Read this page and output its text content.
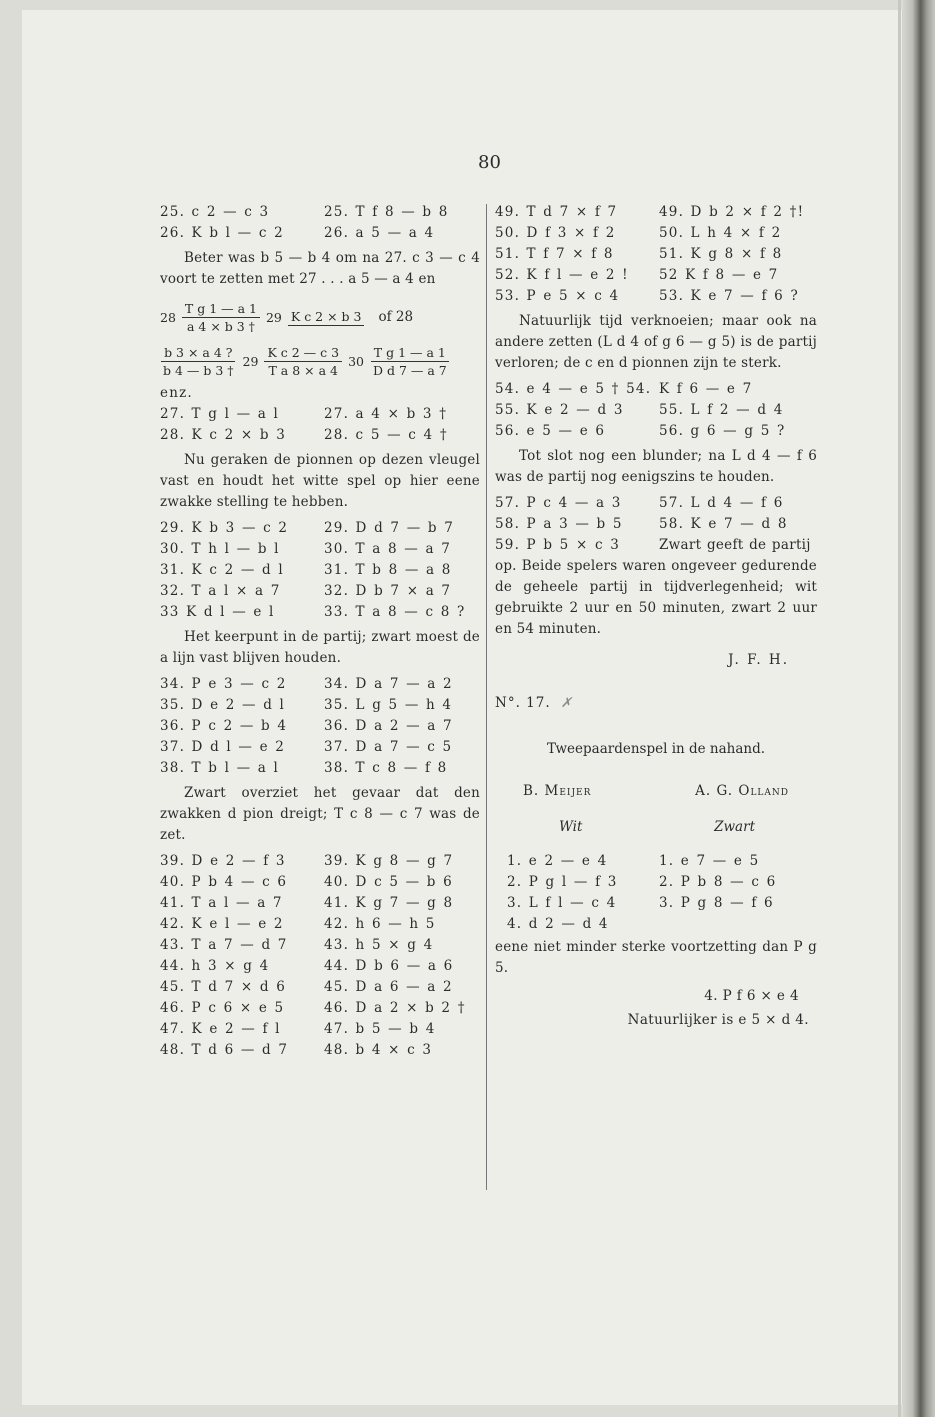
80
25. c 2 — c 3	25. T f 8 — b 8
26. K b l — c 2	26. a 5 — a 4
Beter was b 5 — b 4 om na 27. c 3 — c 4 voort te zetten met 27 . . . a 5 — a 4 en
$28 \frac{\text{T g 1 — a 1}}{a 4 \times b 3 \dagger} 29$ K c 2 × b 3 of 28
$\frac{b 3 \times a 4 ?}{b 4 — b 3 \dagger} 29 \frac{\text{K c 2 — c 3}}{\text{T a 8 × a 4}} 30 \frac{\text{T g 1 — a 1}}{\text{D d 7 — a 7}}$
enz.
27. T g l — a l	27. a 4 × b 3 †
28. K c 2 × b 3	28. c 5 — c 4 †
Nu geraken de pionnen op dezen vleugel vast en houdt het witte spel op hier eene zwakke stelling te hebben.
29. K b 3 — c 2	29. D d 7 — b 7
30. T h l — b l	30. T a 8 — a 7
31. K c 2 — d l	31. T b 8 — a 8
32. T a l × a 7	32. D b 7 × a 7
33 K d l — e l	33. T a 8 — c 8 ?
Het keerpunt in de partij; zwart moest de a lijn vast blijven houden.
34. P e 3 — c 2	34. D a 7 — a 2
35. D e 2 — d l	35. L g 5 — h 4
36. P c 2 — b 4	36. D a 2 — a 7
37. D d l — e 2	37. D a 7 — c 5
38. T b l — a l	38. T c 8 — f 8
Zwart overziet het gevaar dat den zwakken d pion dreigt; T c 8 — c 7 was de zet.
39. D e 2 — f 3	39. K g 8 — g 7
40. P b 4 — c 6	40. D c 5 — b 6
41. T a l — a 7	41. K g 7 — g 8
42. K e l — e 2	42. h 6 — h 5
43. T a 7 — d 7	43. h 5 × g 4
44. h 3 × g 4	44. D b 6 — a 6
45. T d 7 × d 6	45. D a 6 — a 2
46. P c 6 × e 5	46. D a 2 × b 2 †
47. K e 2 — f l	47. b 5 — b 4
48. T d 6 — d 7	48. b 4 × c 3
49. T d 7 × f 7	49. D b 2 × f 2 †!
50. D f 3 × f 2	50. L h 4 × f 2
51. T f 7 × f 8	51. K g 8 × f 8
52. K f l — e 2 ! 52 K f 8 — e 7
53. P e 5 × c 4	53. K e 7 — f 6 ?
Natuurlijk tijd verknoeien; maar ook na andere zetten (L d 4 of g 6 — g 5) is de partij verloren; de c en d pionnen zijn te sterk.
54. e 4 — e 5 † 54. K f 6 — e 7
55. K e 2 — d 3	55. L f 2 — d 4
56. e 5 — e 6	56. g 6 — g 5 ?
Tot slot nog een blunder; na L d 4 — f 6 was de partij nog eenigszins te houden.
57. P c 4 — a 3	57. L d 4 — f 6
58. P a 3 — b 5	58. K e 7 — d 8
59. P b 5 × c 3	Zwart geeft de partij
op. Beide spelers waren ongeveer gedurende de geheele partij in tijdverlegenheid; wit gebruikte 2 uur en 50 minuten, zwart 2 uur en 54 minuten.
J. F. H.
N°. 17. ✗
Tweepaardenspel in de nahand.
B. Meijer	A. G. Olland
Wit	Zwart
1. e 2 — e 4	1. e 7 — e 5
2. P g l — f 3	2. P b 8 — c 6
3. L f l — c 4	3. P g 8 — f 6
4. d 2 — d 4
eene niet minder sterke voortzetting dan P g 5.
4. P f 6 × e 4
Natuurlijker is e 5 × d 4.
